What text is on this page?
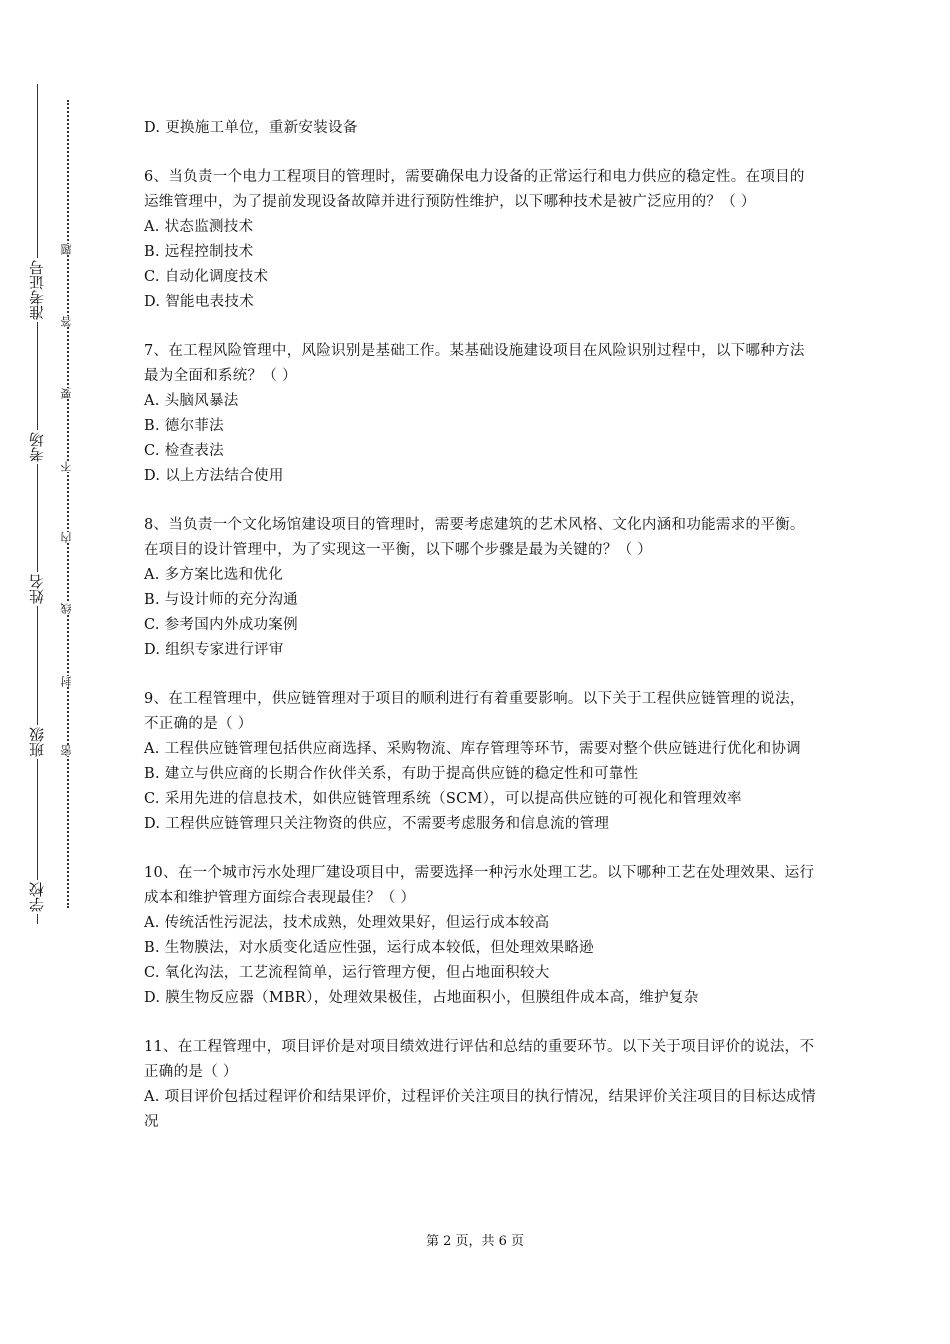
学校
班级
姓名
考场
准考证号
密
封
线
内
不
要
答
题

D. 更换施工单位，重新安装设备

6、当负责一个电力工程项目的管理时，需要确保电力设备的正常运行和电力供应的稳定性。在项目的运维管理中，为了提前发现设备故障并进行预防性维护，以下哪种技术是被广泛应用的？（ ）

A. 状态监测技术

B. 远程控制技术

C. 自动化调度技术

D. 智能电表技术

7、在工程风险管理中，风险识别是基础工作。某基础设施建设项目在风险识别过程中，以下哪种方法最为全面和系统？（ ）

A. 头脑风暴法

B. 德尔菲法

C. 检查表法

D. 以上方法结合使用

8、当负责一个文化场馆建设项目的管理时，需要考虑建筑的艺术风格、文化内涵和功能需求的平衡。在项目的设计管理中，为了实现这一平衡，以下哪个步骤是最为关键的？（ ）

A. 多方案比选和优化

B. 与设计师的充分沟通

C. 参考国内外成功案例

D. 组织专家进行评审

9、在工程管理中，供应链管理对于项目的顺利进行有着重要影响。以下关于工程供应链管理的说法，不正确的是（ ）

A. 工程供应链管理包括供应商选择、采购物流、库存管理等环节，需要对整个供应链进行优化和协调

B. 建立与供应商的长期合作伙伴关系，有助于提高供应链的稳定性和可靠性

C. 采用先进的信息技术，如供应链管理系统（SCM），可以提高供应链的可视化和管理效率

D. 工程供应链管理只关注物资的供应，不需要考虑服务和信息流的管理

10、在一个城市污水处理厂建设项目中，需要选择一种污水处理工艺。以下哪种工艺在处理效果、运行成本和维护管理方面综合表现最佳？（ ）

A. 传统活性污泥法，技术成熟，处理效果好，但运行成本较高

B. 生物膜法，对水质变化适应性强，运行成本较低，但处理效果略逊

C. 氧化沟法，工艺流程简单，运行管理方便，但占地面积较大

D. 膜生物反应器（MBR），处理效果极佳，占地面积小，但膜组件成本高，维护复杂

11、在工程管理中，项目评价是对项目绩效进行评估和总结的重要环节。以下关于项目评价的说法，不正确的是（ ）

A. 项目评价包括过程评价和结果评价，过程评价关注项目的执行情况，结果评价关注项目的目标达成情况

第 2 页，共 6 页
